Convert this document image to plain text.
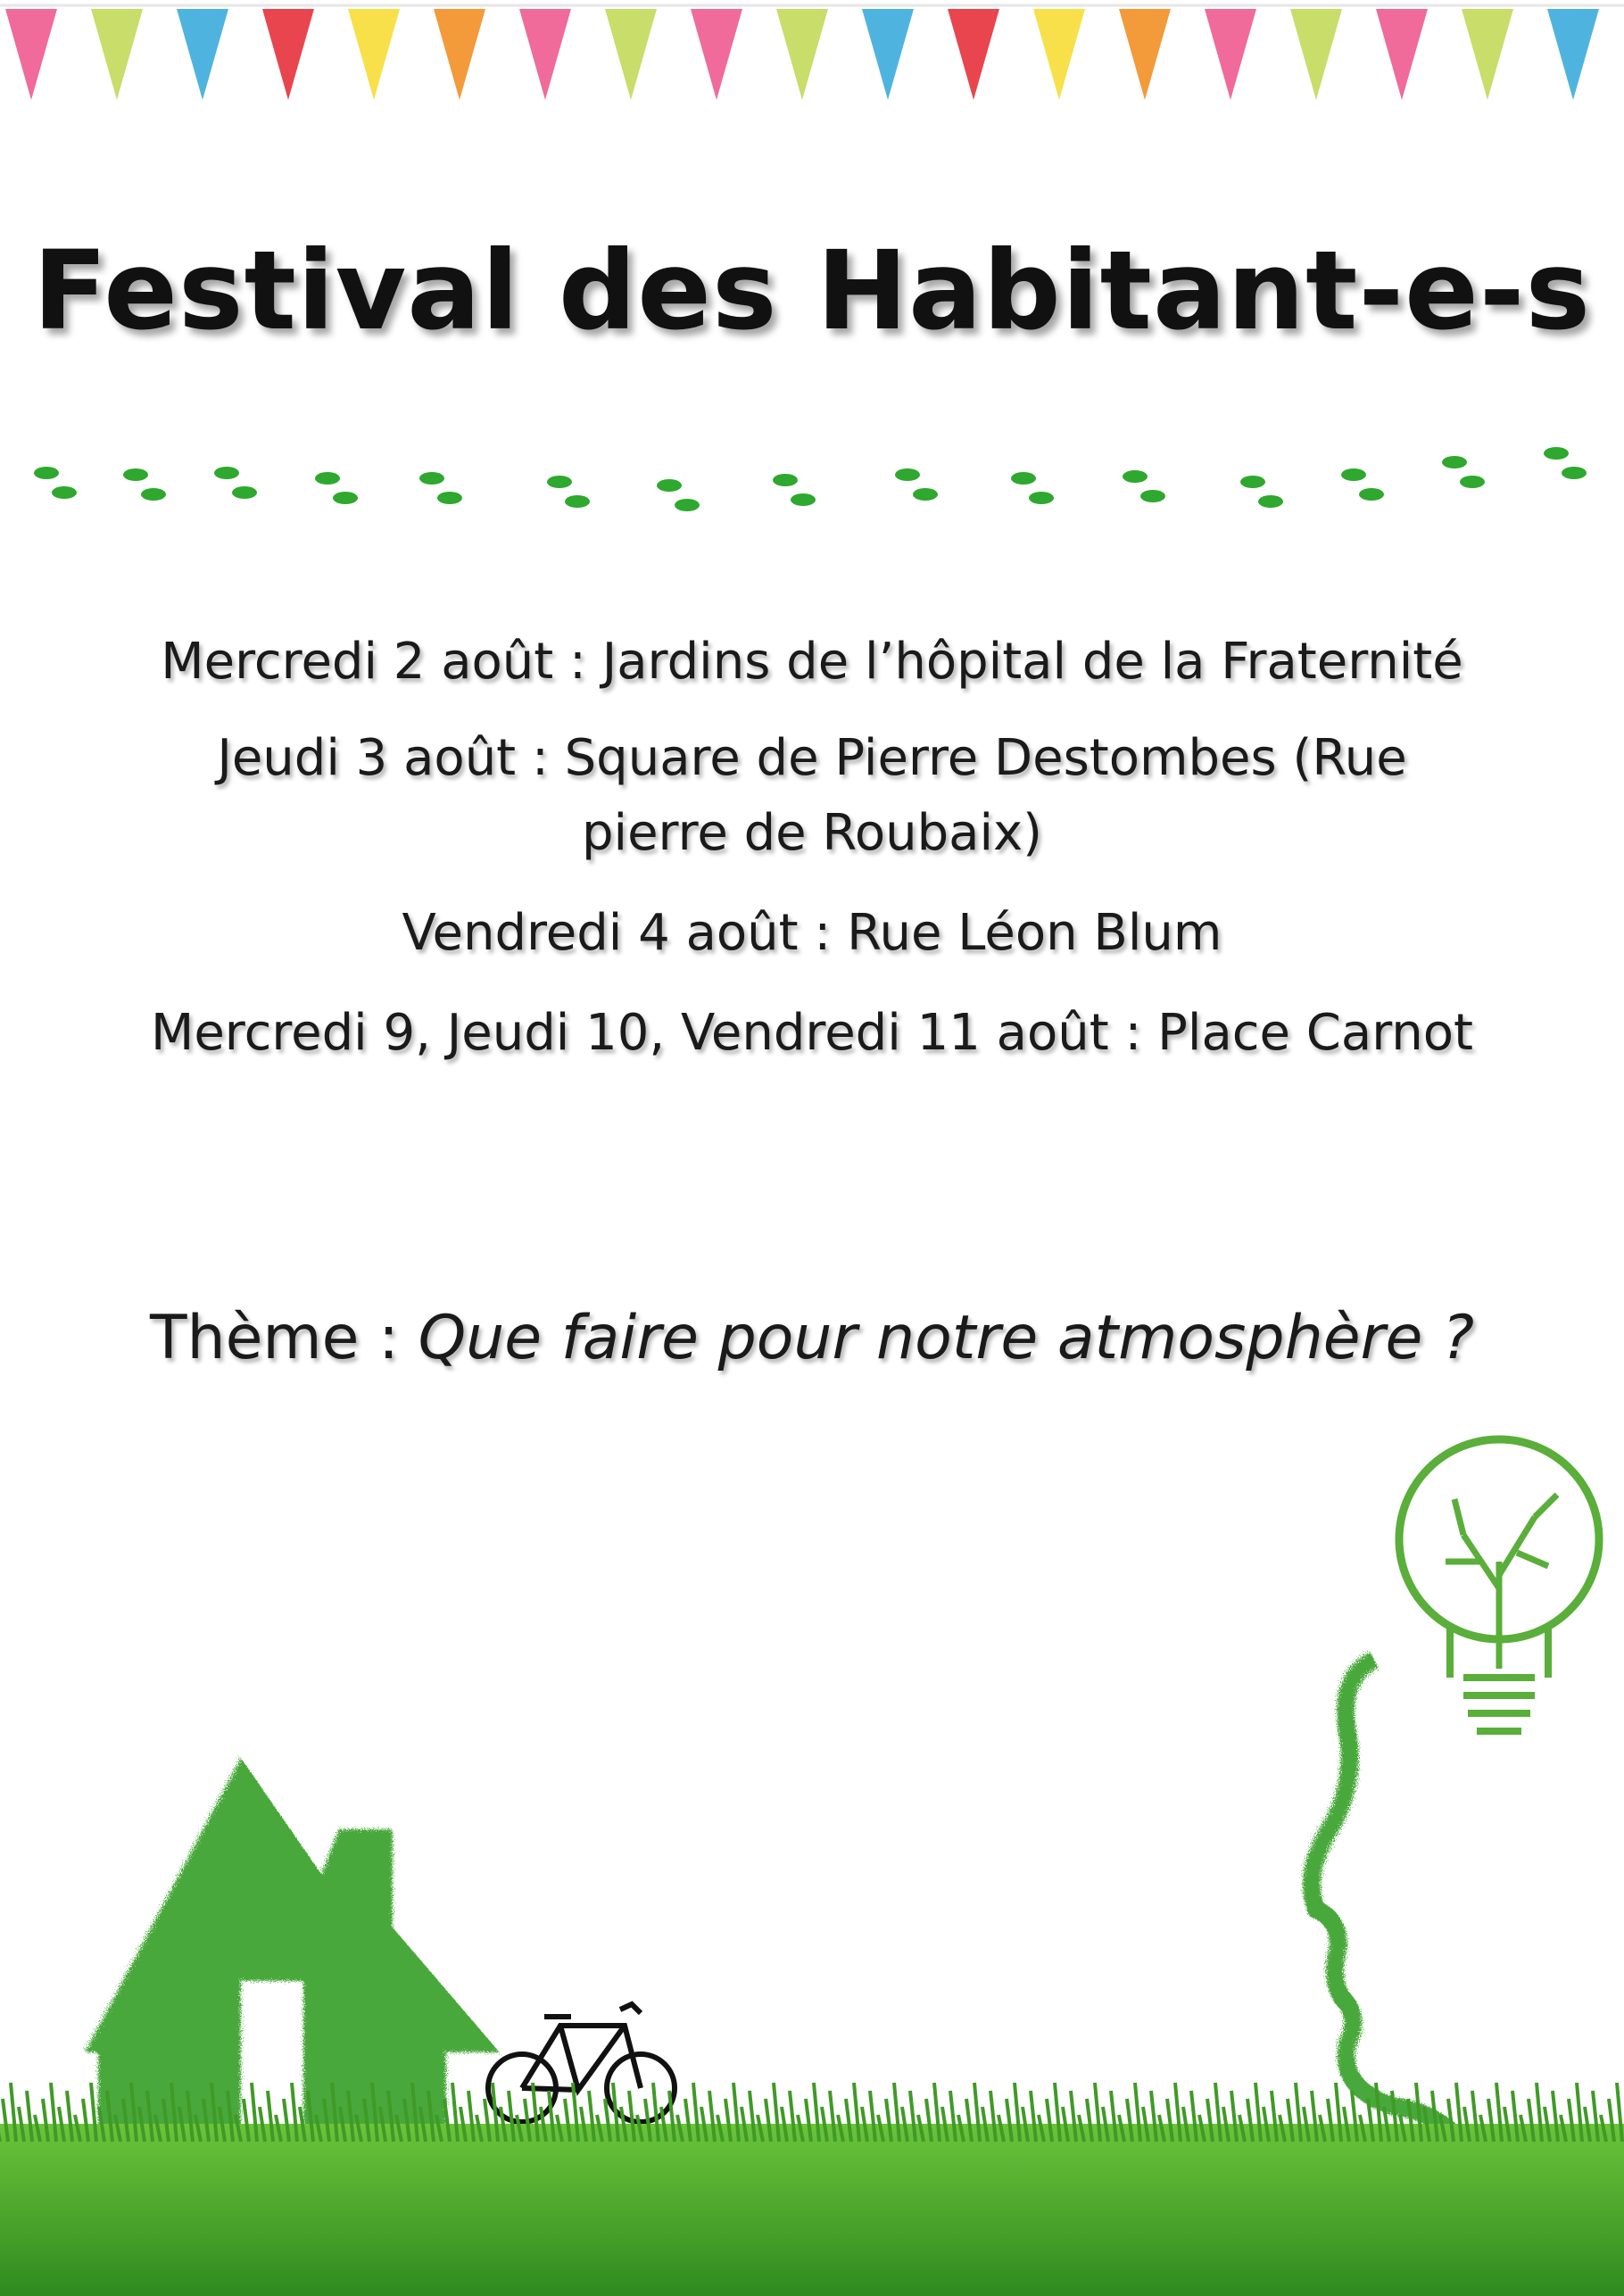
Festival des Habitant-e-s

Mercredi 2 août : Jardins de l’hôpital de la Fraternité

Jeudi 3 août : Square de Pierre Destombes (Rue pierre de Roubaix)

Vendredi 4 août : Rue Léon Blum

Mercredi 9, Jeudi 10, Vendredi 11 août : Place Carnot

Thème : Que faire pour notre atmosphère ?
